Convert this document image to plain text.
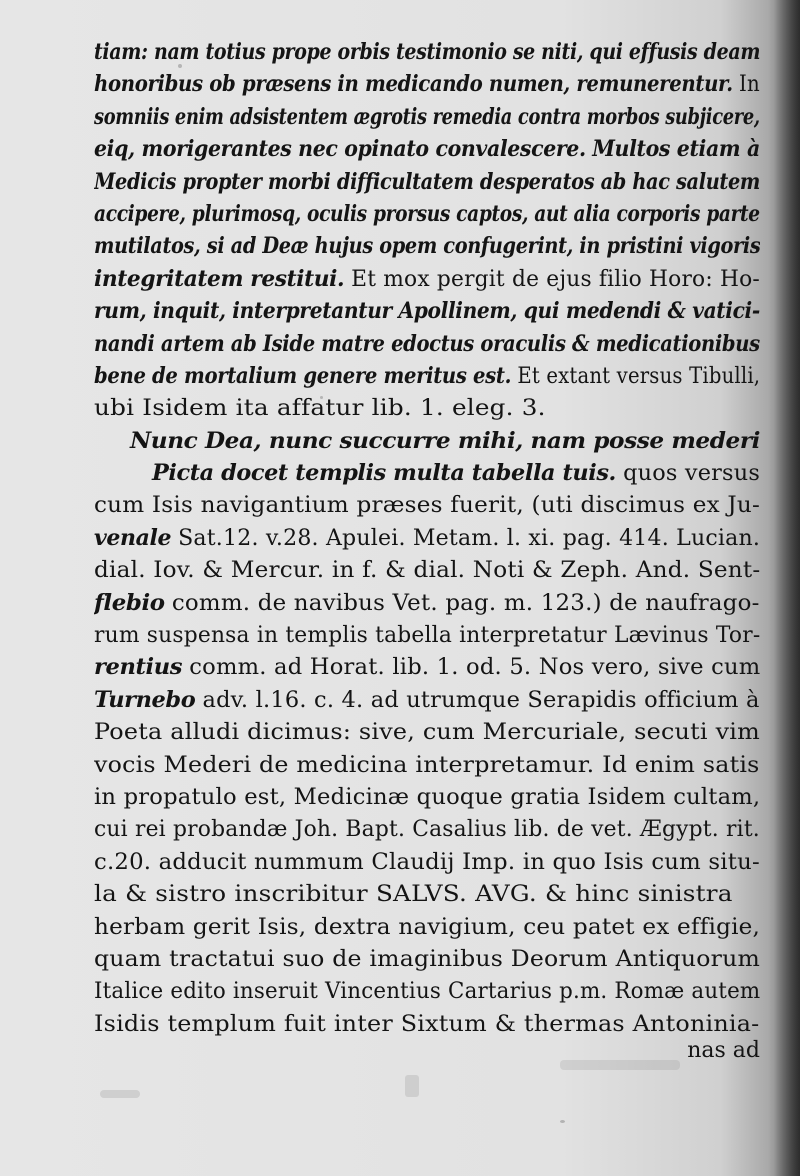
tiam: nam totius prope orbis testimonio se niti, qui effusis deam
honoribus ob præsens in medicando numen, remunerentur. In
somniis enim adsistentem ægrotis remedia contra morbos subjicere,
eiq, morigerantes nec opinato convalescere. Multos etiam à
Medicis propter morbi difficultatem desperatos ab hac salutem
accipere, plurimosq, oculis prorsus captos, aut alia corporis parte
mutilatos, si ad Deæ hujus opem confugerint, in pristini vigoris
integritatem restitui. Et mox pergit de ejus filio Horo: Ho-
rum, inquit, interpretantur Apollinem, qui medendi & vatici-
nandi artem ab Iside matre edoctus oraculis & medicationibus
bene de mortalium genere meritus est. Et extant versus Tibulli,
ubi Isidem ita affatur lib. 1. eleg. 3.
Nunc Dea, nunc succurre mihi, nam posse mederi
Picta docet templis multa tabella tuis. quos versus
cum Isis navigantium præses fuerit, (uti discimus ex Ju-
venale Sat.12. v.28. Apulei. Metam. l. xi. pag. 414. Lucian.
dial. Iov. & Mercur. in f. & dial. Noti & Zeph. And. Sent-
flebio comm. de navibus Vet. pag. m. 123.) de naufrago-
rum suspensa in templis tabella interpretatur Lævinus Tor-
rentius comm. ad Horat. lib. 1. od. 5. Nos vero, sive cum
Turnebo adv. l.16. c. 4. ad utrumque Serapidis officium à
Poeta alludi dicimus: sive, cum Mercuriale, secuti vim
vocis Mederi de medicina interpretamur. Id enim satis
in propatulo est, Medicinæ quoque gratia Isidem cultam,
cui rei probandæ Joh. Bapt. Casalius lib. de vet. Ægypt. rit.
c.20. adducit nummum Claudij Imp. in quo Isis cum situ-
la & sistro inscribitur SALVS. AVG. & hinc sinistra
herbam gerit Isis, dextra navigium, ceu patet ex effigie,
quam tractatui suo de imaginibus Deorum Antiquorum
Italice edito inseruit Vincentius Cartarius p.m. Romæ autem
Isidis templum fuit inter Sixtum & thermas Antoninia-
nas ad
